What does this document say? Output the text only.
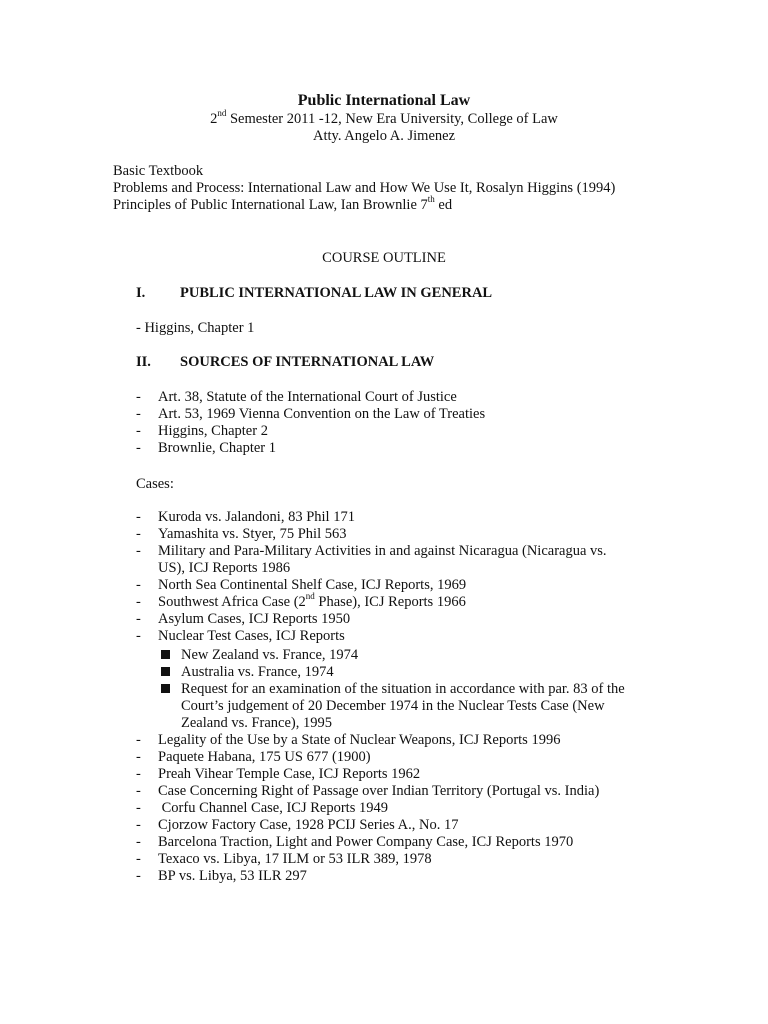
Public International Law
2nd Semester 2011 -12, New Era University, College of Law
Atty. Angelo A. Jimenez
Basic Textbook
Problems and Process: International Law and How We Use It, Rosalyn Higgins (1994)
Principles of Public International Law, Ian Brownlie 7th ed
COURSE OUTLINE
I. PUBLIC INTERNATIONAL LAW IN GENERAL
- Higgins, Chapter 1
II. SOURCES OF INTERNATIONAL LAW
- Art. 38, Statute of the International Court of Justice
- Art. 53, 1969 Vienna Convention on the Law of Treaties
- Higgins, Chapter 2
- Brownlie, Chapter 1
Cases:
- Kuroda vs. Jalandoni, 83 Phil 171
- Yamashita vs. Styer, 75 Phil 563
- Military and Para-Military Activities in and against Nicaragua (Nicaragua vs. US), ICJ Reports 1986
- North Sea Continental Shelf Case, ICJ Reports, 1969
- Southwest Africa Case (2nd Phase), ICJ Reports 1966
- Asylum Cases, ICJ Reports 1950
- Nuclear Test Cases, ICJ Reports
New Zealand vs. France, 1974
Australia vs. France, 1974
Request for an examination of the situation in accordance with par. 83 of the Court’s judgement of 20 December 1974 in the Nuclear Tests Case (New Zealand vs. France), 1995
- Legality of the Use by a State of Nuclear Weapons, ICJ Reports 1996
- Paquete Habana, 175 US 677 (1900)
- Preah Vihear Temple Case, ICJ Reports 1962
- Case Concerning Right of Passage over Indian Territory (Portugal vs. India)
- Corfu Channel Case, ICJ Reports 1949
- Cjorzow Factory Case, 1928 PCIJ Series A., No. 17
- Barcelona Traction, Light and Power Company Case, ICJ Reports 1970
- Texaco vs. Libya, 17 ILM or 53 ILR 389, 1978
- BP vs. Libya, 53 ILR 297
